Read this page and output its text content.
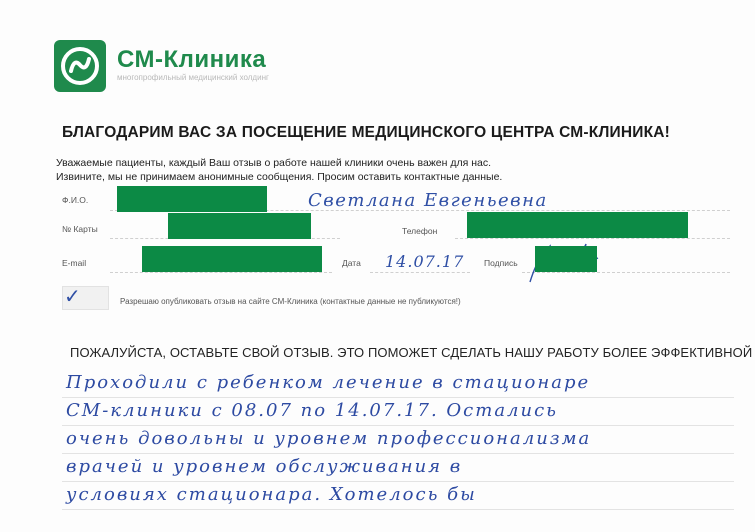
СМ-Клиника
многопрофильный медицинский холдинг
БЛАГОДАРИМ ВАС ЗА ПОСЕЩЕНИЕ МЕДИЦИНСКОГО ЦЕНТРА СМ-КЛИНИКА!
Уважаемые пациенты, каждый Ваш отзыв о работе нашей клиники очень важен для нас.
Извините, мы не принимаем анонимные сообщения. Просим оставить контактные данные.
Ф.И.О.	Светлана Евгеньевна
№ Карты	Телефон
E-mail	Дата 14.07.17 Подпись
✓	Разрешаю опубликовать отзыв на сайте СМ-Клиника (контактные данные не публикуются!)
ПОЖАЛУЙСТА, ОСТАВЬТЕ СВОЙ ОТЗЫВ. ЭТО ПОМОЖЕТ СДЕЛАТЬ НАШУ РАБОТУ БОЛЕЕ ЭФФЕКТИВНОЙ
Проходили с ребенком лечение в стационаре
СМ-клиники с 08.07 по 14.07.17. Остались
очень довольны и уровнем профессионализма
врачей и уровнем обслуживания в
условиях стационара. Хотелось бы
